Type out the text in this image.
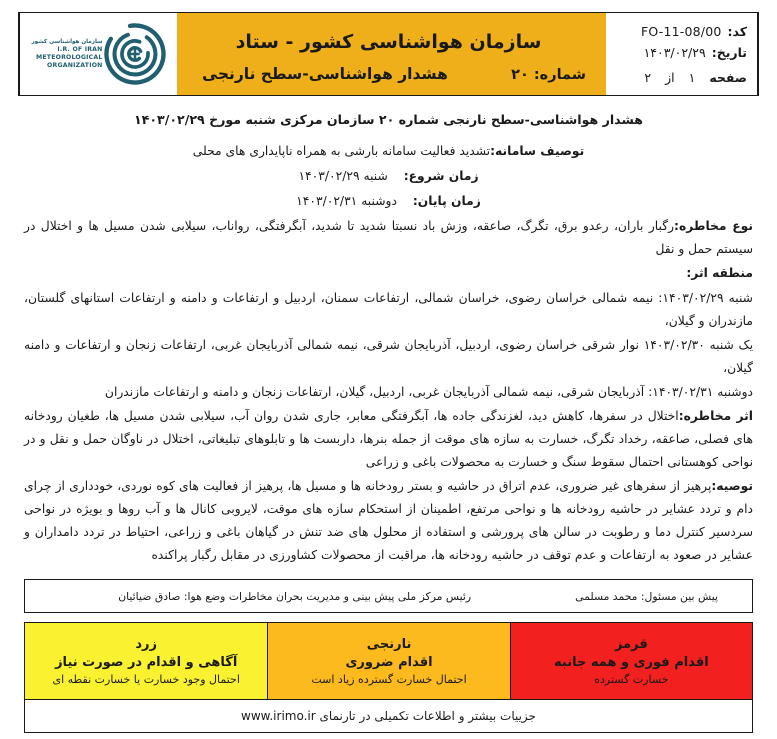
کد:
FO-11-08/00
تاریخ:
۱۴۰۳/۰۲/۲۹
صفحه
۱
از
۲
سازمان هواشناسی کشور - ستاد
شماره: ۲۰
هشدار هواشناسی-سطح نارنجی
سازمان هواشناسی کشور
I.R. OF IRAN
METEOROLOGICAL
ORGANIZATION
هشدار هواشناسی-سطح نارنجی شماره ۲۰ سازمان مرکزی شنبه مورخ ۱۴۰۳/۰۲/۲۹
توصیف سامانه:تشدید فعالیت سامانه بارشی به همراه ناپایداری های محلی
زمان شروع: شنبه ۱۴۰۳/۰۲/۲۹
زمان پایان: دوشنبه ۱۴۰۳/۰۲/۳۱
نوع مخاطره:رگبار باران، رعدو برق، تگرگ، صاعقه، وزش باد نسبتا شدید تا شدید، آبگرفتگی، رواناب، سیلابی شدن مسیل ها و اختلال در سیستم حمل و نقل
منطقه اثر:
شنبه ۱۴۰۳/۰۲/۲۹: نیمه شمالی خراسان رضوی، خراسان شمالی، ارتفاعات سمنان، اردبیل و ارتفاعات و دامنه و ارتفاعات استانهای گلستان، مازندران و گیلان،
یک شنبه ۱۴۰۳/۰۲/۳۰ نوار شرقی خراسان رضوی، اردبیل، آذربایجان شرقی، نیمه شمالی آذربایجان غربی، ارتفاعات زنجان و ارتفاعات و دامنه گیلان،
دوشنبه ۱۴۰۳/۰۲/۳۱: آذربایجان شرقی، نیمه شمالی آذربایجان غربی، اردبیل، گیلان، ارتفاعات زنجان و دامنه و ارتفاعات مازندران
اثر مخاطره:اختلال در سفرها، کاهش دید، لغزندگی جاده ها، آبگرفتگی معابر، جاری شدن روان آب، سیلابی شدن مسیل ها، طغیان رودخانه های فصلی، صاعقه، رخداد تگرگ، خسارت به سازه های موقت از جمله بنرها، داربست ها و تابلوهای تبلیغاتی، اختلال در ناوگان حمل و نقل و در نواحی کوهستانی احتمال سقوط سنگ و خسارت به محصولات باغی و زراعی
توصیه:پرهیز از سفرهای غیر ضروری، عدم اتراق در حاشیه و بستر رودخانه ها و مسیل ها، پرهیز از فعالیت های کوه نوردی، خودداری از چرای دام و تردد عشایر در حاشیه رودخانه ها و نواحی مرتفع، اطمینان از استحکام سازه های موقت، لایروبی کانال ها و آب روها و بویژه در نواحی سردسیر کنترل دما و رطوبت در سالن های پرورشی و استفاده از محلول های ضد تنش در گیاهان باغی و زراعی، احتیاط در تردد دامداران و عشایر در صعود به ارتفاعات و عدم توقف در حاشیه رودخانه ها، مراقبت از محصولات کشاورزی در مقابل رگبار پراکنده
پیش بین مسئول: محمد مسلمی
رئیس مرکز ملی پیش بینی و مدیریت بحران مخاطرات وضع هوا: صادق ضیائیان
قرمز
اقدام فوری و همه جانبه
خسارت گسترده
نارنجی
اقدام ضروری
احتمال خسارت گسترده زیاد است
زرد
آگاهی و اقدام در صورت نیاز
احتمال وجود خسارت یا خسارت نقطه ای
جزییات بیشتر و اطلاعات تکمیلی در تارنمای www.irimo.ir
